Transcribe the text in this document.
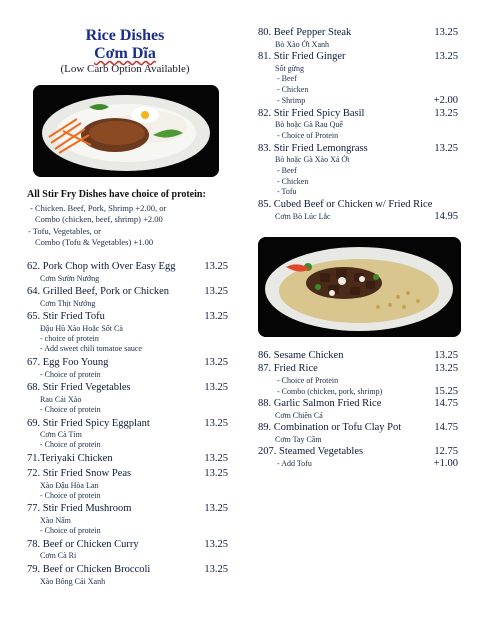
Rice Dishes
Cơm Dĩa
(Low Carb Option Available)
All Stir Fry Dishes have choice of protein:
- Chicken. Beef, Pork, Shrimp +2.00, or
Combo (chicken, beef, shrimp) +2.00
- Tofu, Vegetables, or
Combo (Tofu & Vegetables) +1.00
62. Pork Chop with Over Easy Egg	13.25
Cơm Sườn Nướng
64. Grilled Beef, Pork or Chicken	13.25
Cơm Thịt Nướng
65. Stir Fried Tofu	13.25
Đậu Hũ Xào Hoặc Sốt Cà
- choice of protein
- Add sweet chili tomatoe sauce
67. Egg Foo Young	13.25
- Choice of protein
68. Stir Fried Vegetables	13.25
Rau Cải Xào
- Choice of protein
69. Stir Fried Spicy Eggplant	13.25
Cơm Cà Tím
- Choice of protein
71.Teriyaki Chicken	13.25
72. Stir Fried Snow Peas	13.25
Xào Đậu Hòa Lan
- Choice of protein
77. Stir Fried Mushroom	13.25
Xào Nấm
- Choice of protein
78. Beef or Chicken Curry	13.25
Cơm Cà Ri
79. Beef or Chicken Broccoli	13.25
Xào Bông Cải Xanh
80. Beef Pepper Steak	13.25
Bò Xào Ớt Xanh
81. Stir Fried Ginger	13.25
Sốt gừng
- Beef
- Chicken
- Shrimp	+2.00
82. Stir Fried Spicy Basil	13.25
Bò hoặc Gà Rau Quế
- Choice of Protein
83. Stir Fried Lemongrass	13.25
Bò hoặc Gà Xào Xả Ớt
- Beef
- Chicken
- Tofu
85. Cubed Beef or Chicken w/ Fried Rice
Cơm Bò Lúc Lắc	14.95
86. Sesame Chicken	13.25
87. Fried Rice	13.25
- Choice of Protein
- Combo (chicken, pork, shrimp)	15.25
88. Garlic Salmon Fried Rice	14.75
Cơm Chiên Cá
89. Combination or Tofu Clay Pot	14.75
Cơm Tay Cầm
207. Steamed Vegetables	12.75
- Add Tofu	+1.00
